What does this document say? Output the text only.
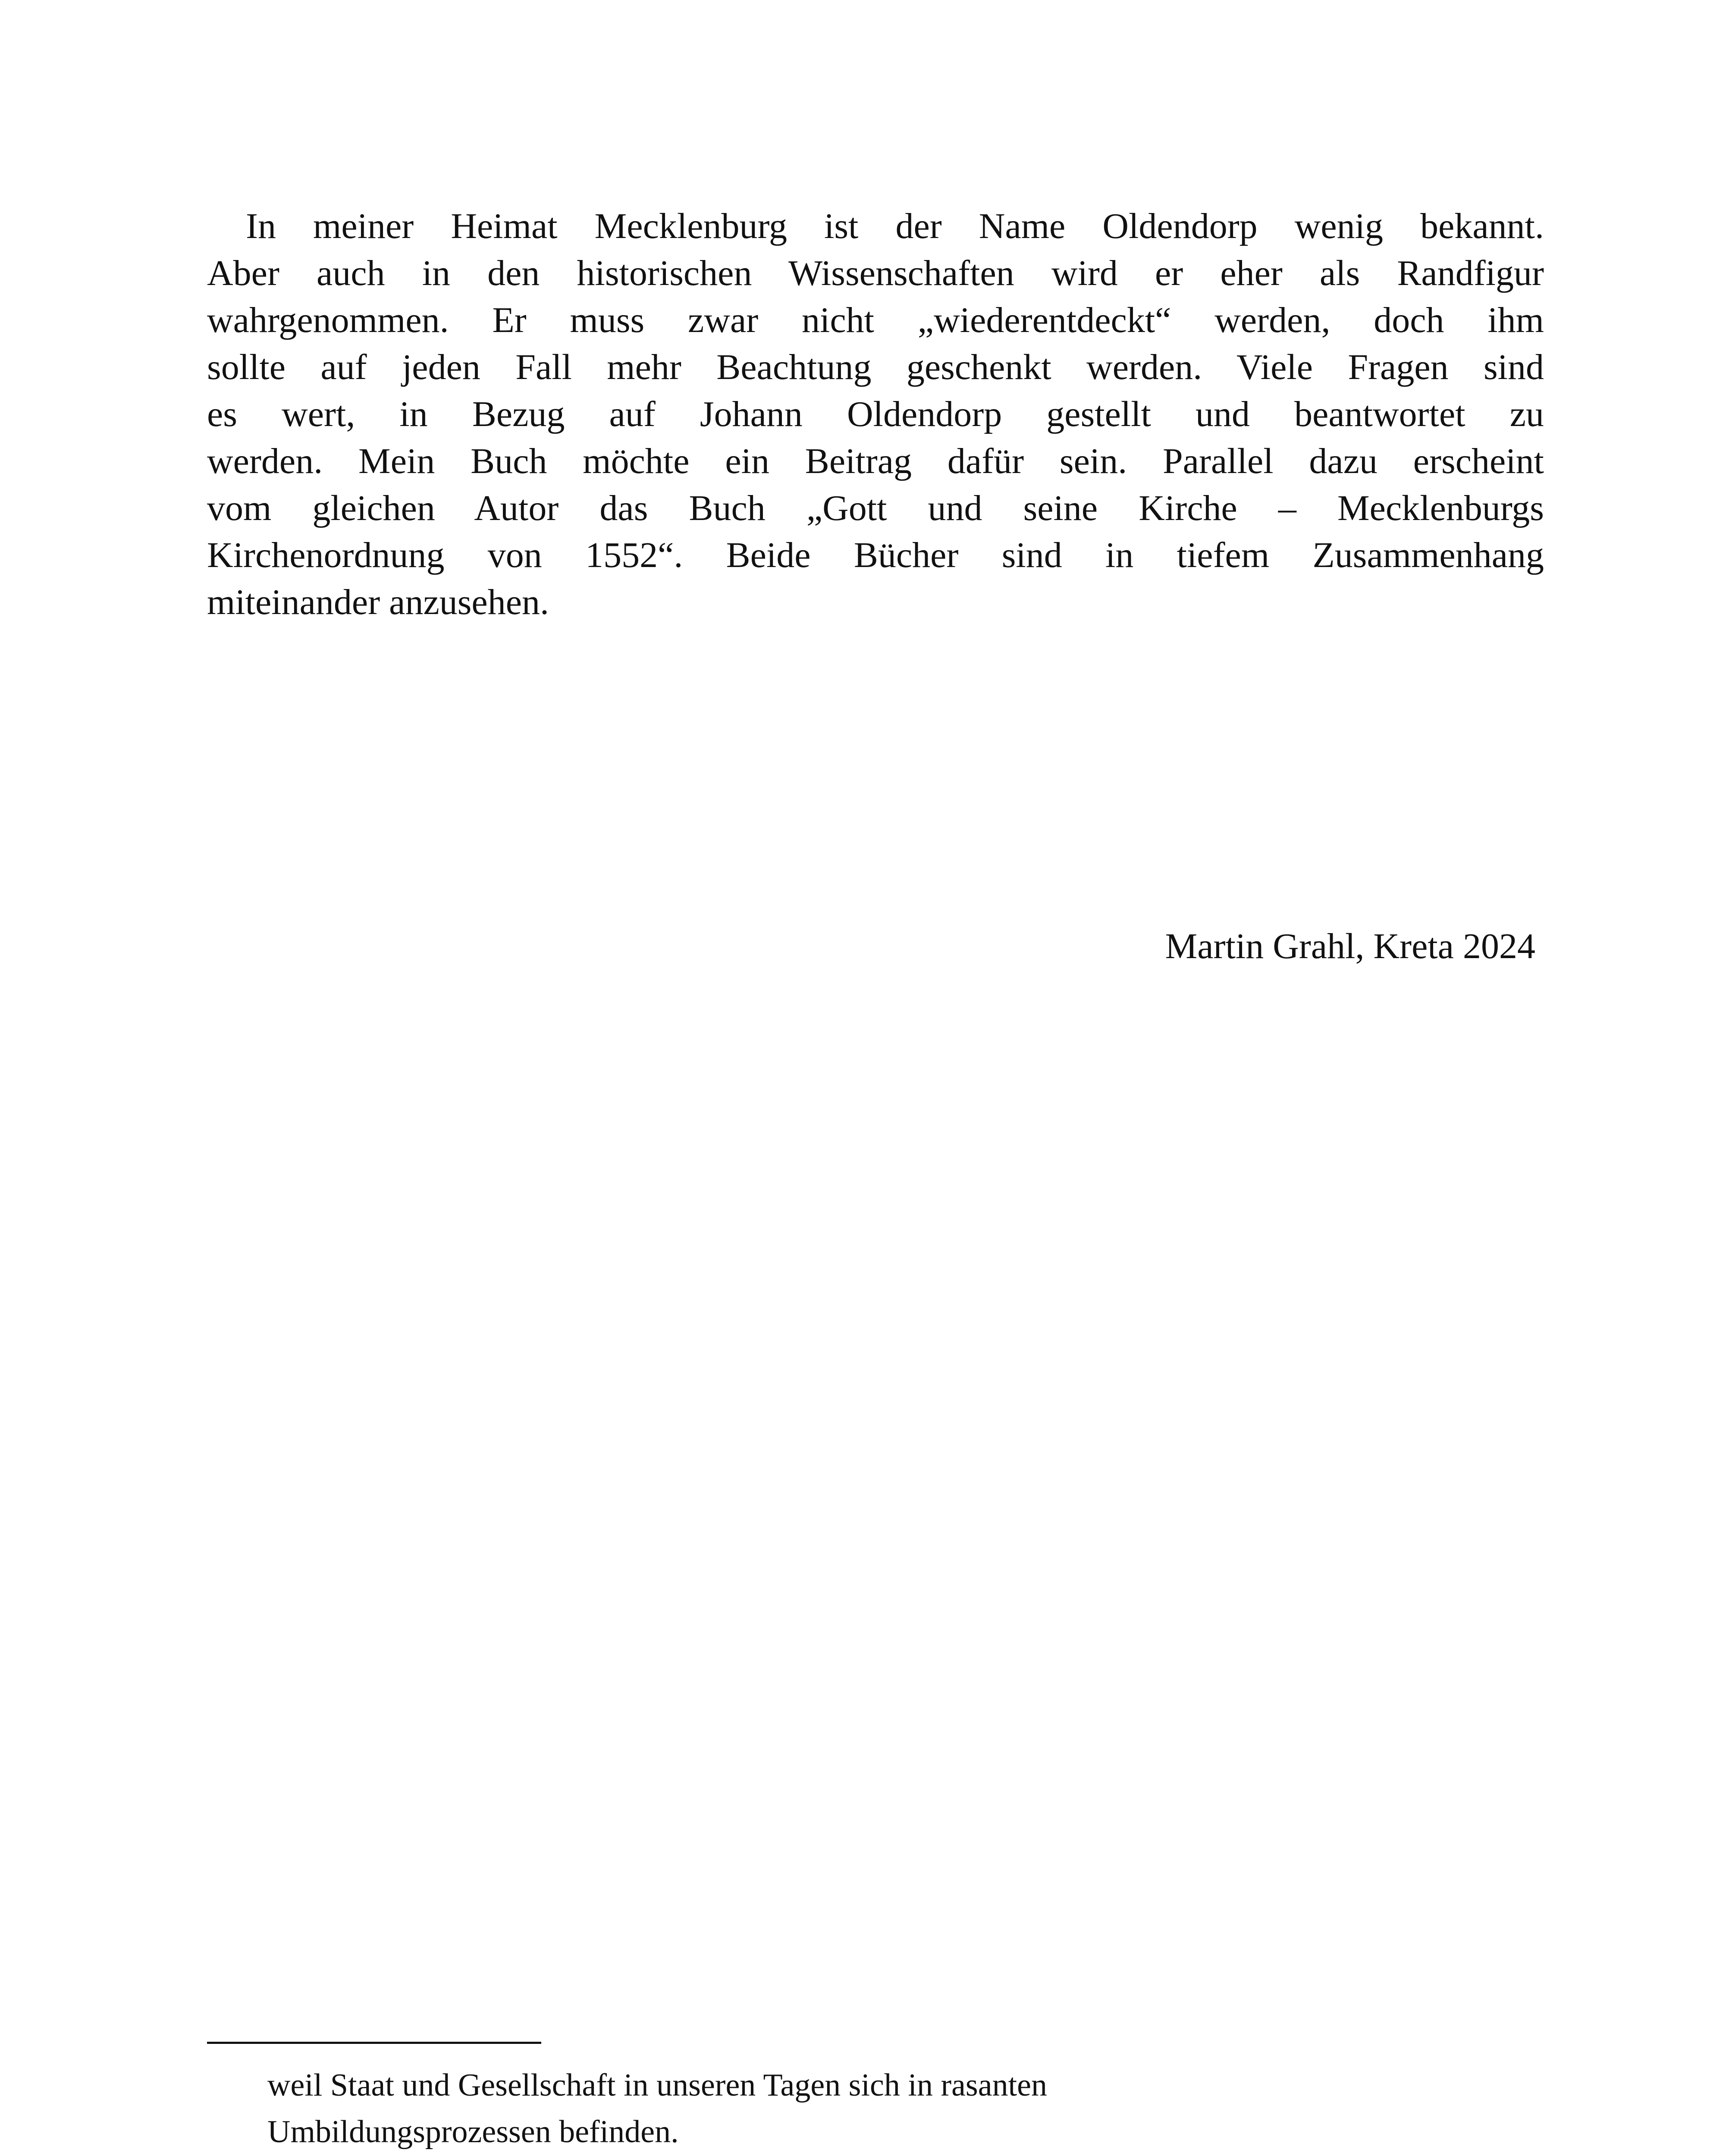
In meiner Heimat Mecklenburg ist der Name Oldendorp wenig bekannt.
Aber auch in den historischen Wissenschaften wird er eher als Randfigur
wahrgenommen. Er muss zwar nicht „wiederentdeckt“ werden, doch ihm
sollte auf jeden Fall mehr Beachtung geschenkt werden. Viele Fragen sind
es wert, in Bezug auf Johann Oldendorp gestellt und beantwortet zu
werden. Mein Buch möchte ein Beitrag dafür sein. Parallel dazu erscheint
vom gleichen Autor das Buch „Gott und seine Kirche – Mecklenburgs
Kirchenordnung von 1552“. Beide Bücher sind in tiefem Zusammenhang
miteinander anzusehen.

Martin Grahl, Kreta 2024

weil Staat und Gesellschaft in unseren Tagen sich in rasanten
Umbildungsprozessen befinden.
